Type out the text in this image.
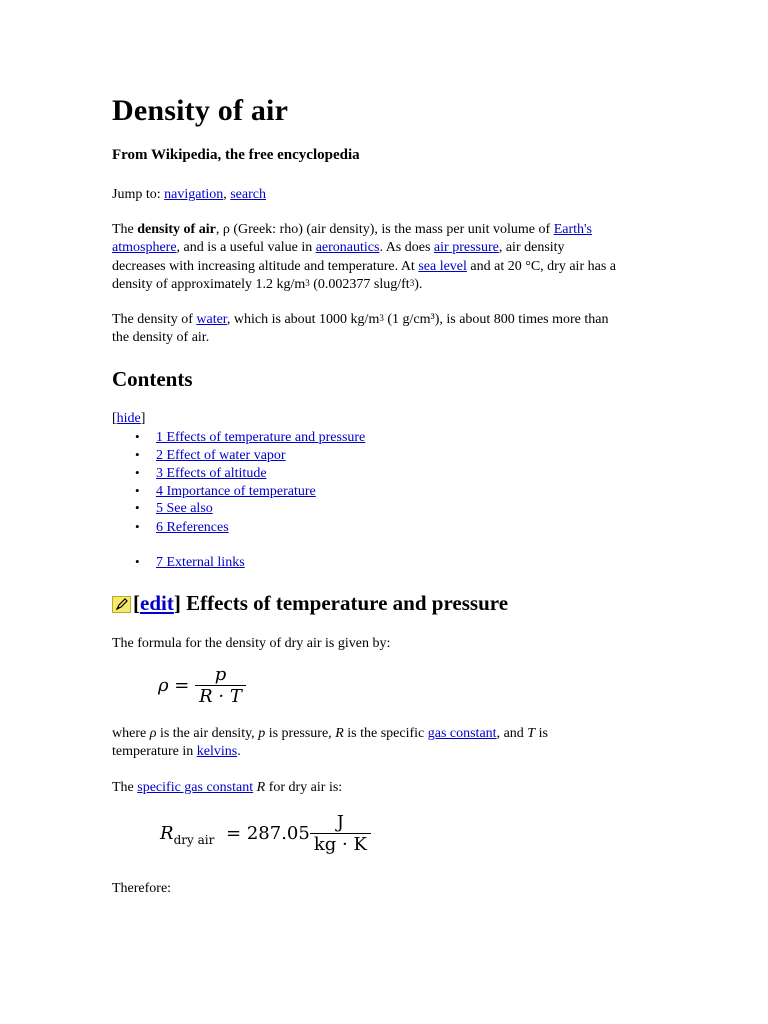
Density of air
From Wikipedia, the free encyclopedia
Jump to: navigation, search
The density of air, ρ (Greek: rho) (air density), is the mass per unit volume of Earth's
atmosphere, and is a useful value in aeronautics. As does air pressure, air density
decreases with increasing altitude and temperature. At sea level and at 20 °C, dry air has a
density of approximately 1.2 $kg/m^3$ (0.002377 slug/$ft^3$).
The density of water, which is about 1000 $kg/m^3$ (1 g/cm³), is about 800 times more than
the density of air.
Contents
[hide]
• 1 Effects of temperature and pressure
• 2 Effect of water vapor
• 3 Effects of altitude
• 4 Importance of temperature
• 5 See also
• 6 References
• 7 External links
[ edit ]
Effects of temperature and pressure
The formula for the density of dry air is given by:
$\rho = \frac{p}{R \cdot T}$
where ρ is the air density, p is pressure, R is the specific gas constant, and T is
temperature in kelvins.
The specific gas constant R for dry air is:
$R_{dry air} = 287.05 \frac{J}{kg \cdot K}$
Therefore:
